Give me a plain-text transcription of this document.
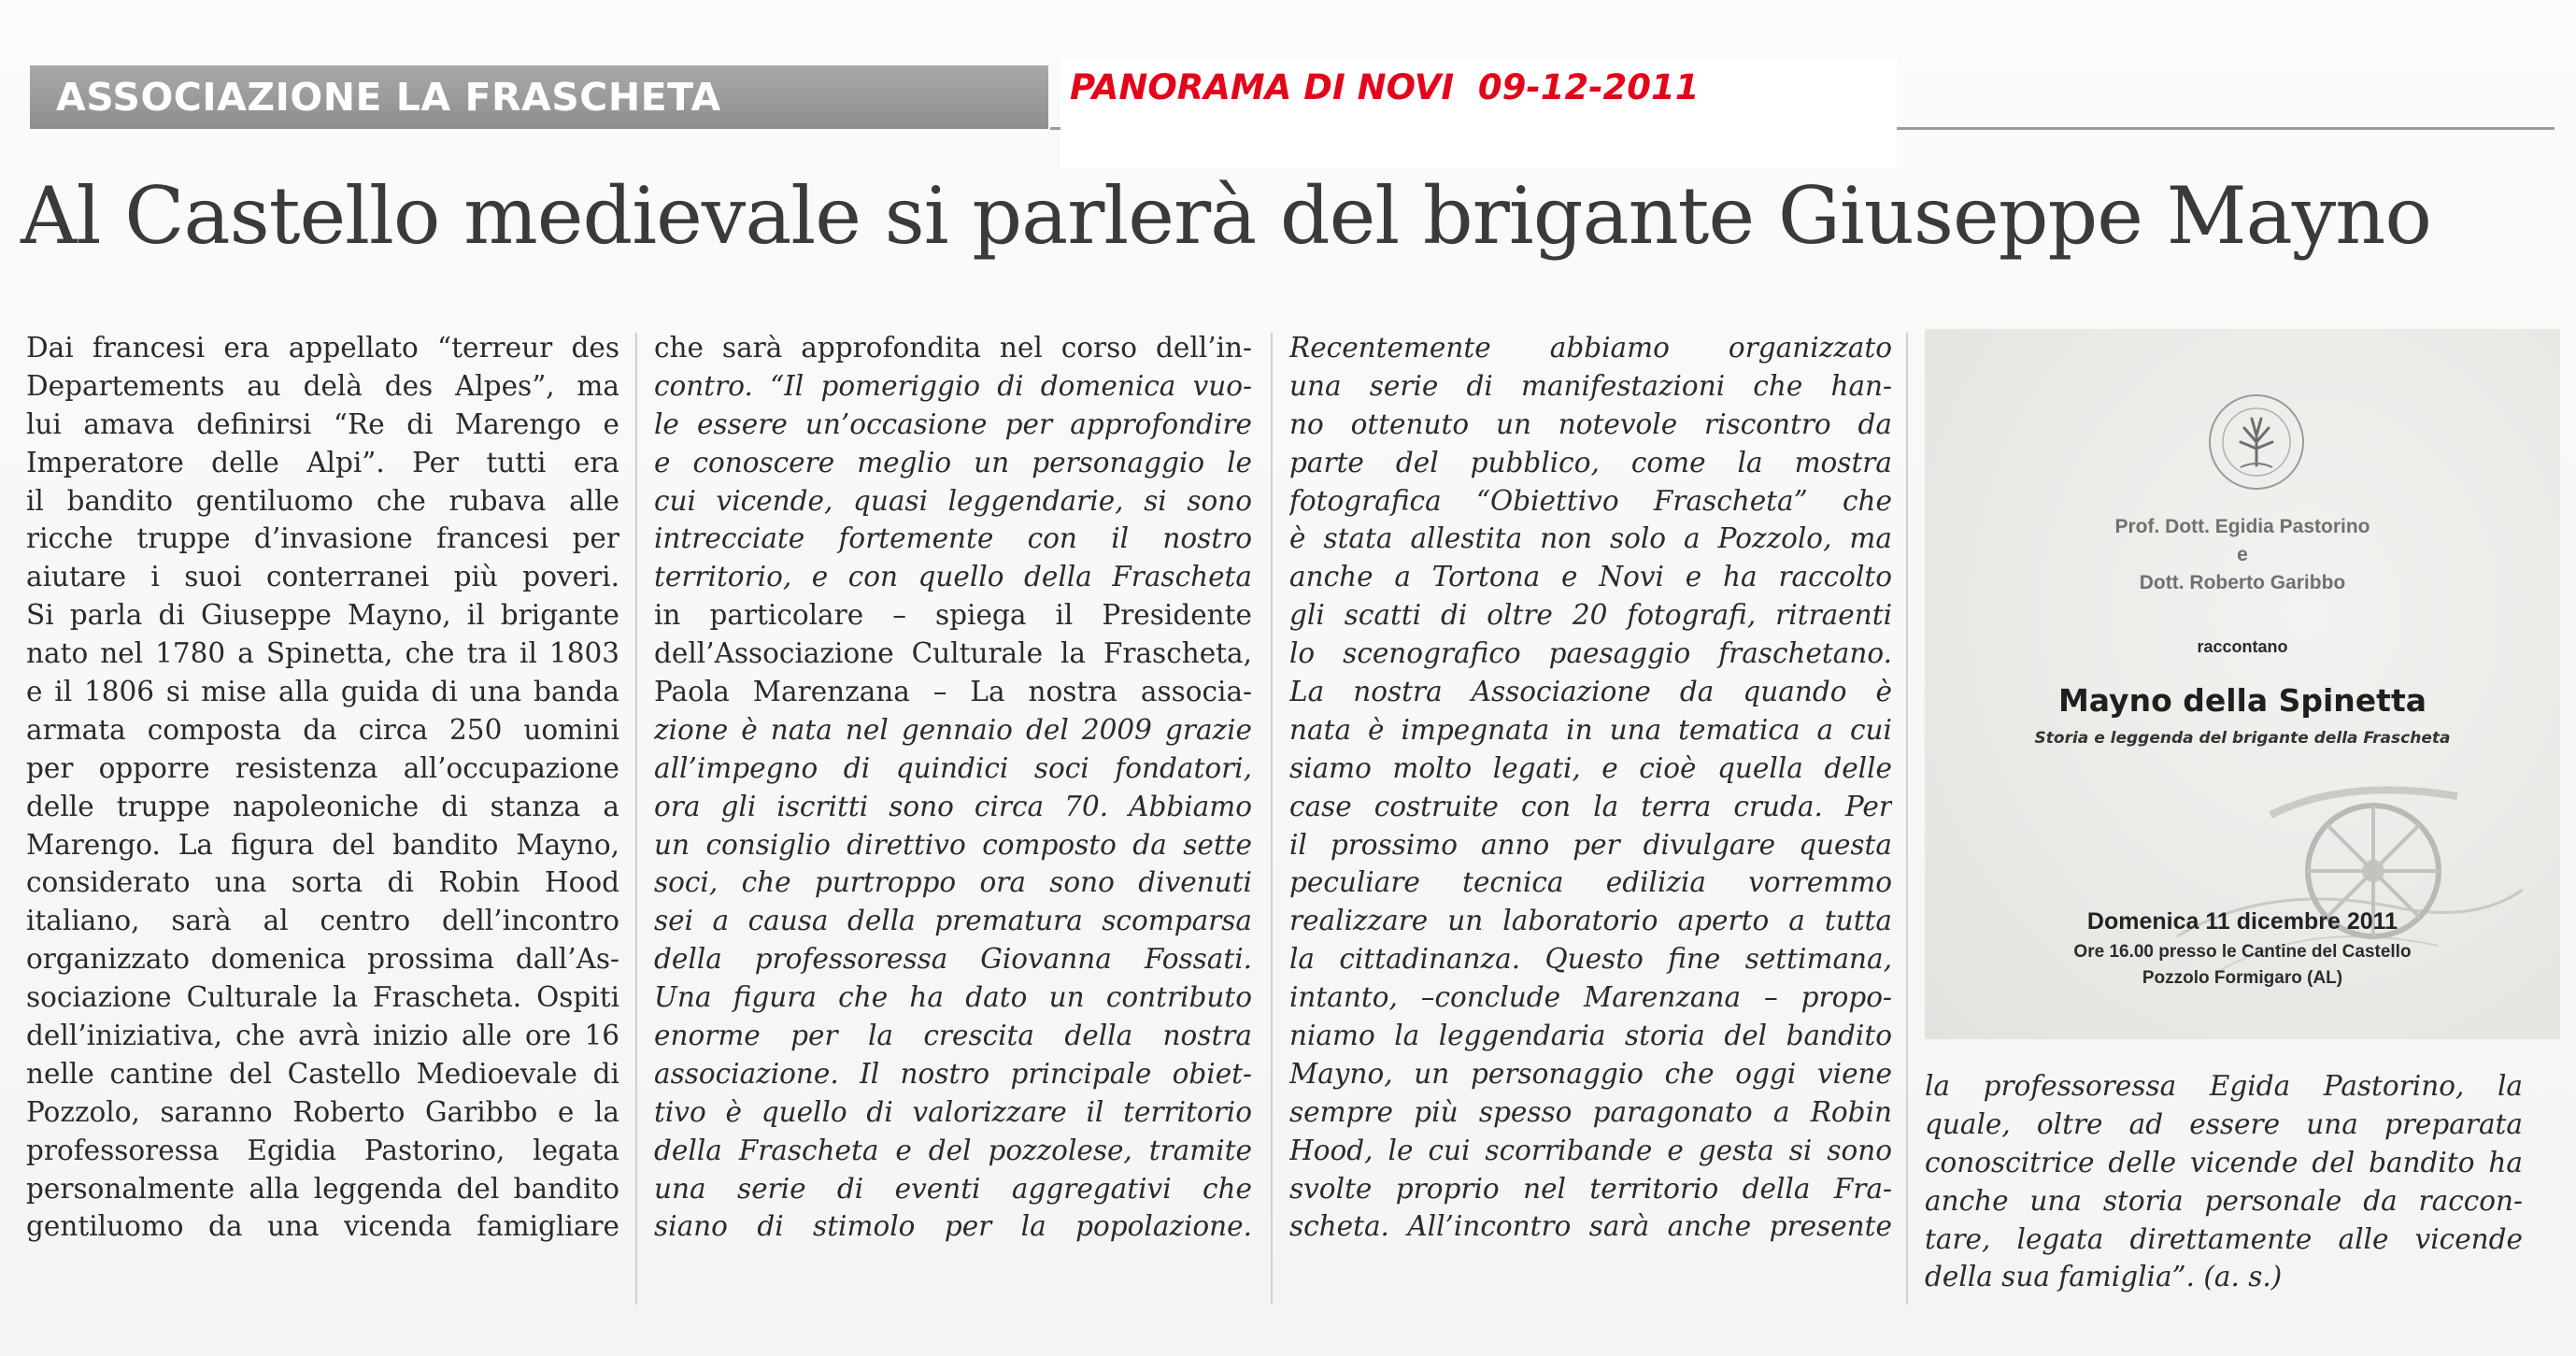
ASSOCIAZIONE LA FRASCHETA	PANORAMA DI NOVI  09-12-2011
Al Castello medievale si parlerà del brigante Giuseppe Mayno
Dai francesi era appellato “terreur des
Departements au delà des Alpes”, ma
lui amava definirsi “Re di Marengo e
Imperatore delle Alpi”. Per tutti era
il bandito gentiluomo che rubava alle
ricche truppe d’invasione francesi per
aiutare i suoi conterranei più poveri.
Si parla di Giuseppe Mayno, il brigante
nato nel 1780 a Spinetta, che tra il 1803
e il 1806 si mise alla guida di una banda
armata composta da circa 250 uomini
per opporre resistenza all’occupazione
delle truppe napoleoniche di stanza a
Marengo. La figura del bandito Mayno,
considerato una sorta di Robin Hood
italiano, sarà al centro dell’incontro
organizzato domenica prossima dall’As-
sociazione Culturale la Frascheta. Ospiti
dell’iniziativa, che avrà inizio alle ore 16
nelle cantine del Castello Medioevale di
Pozzolo, saranno Roberto Garibbo e la
professoressa Egidia Pastorino, legata
personalmente alla leggenda del bandito
gentiluomo da una vicenda famigliare
che sarà approfondita nel corso dell’in-
contro. “Il pomeriggio di domenica vuo-
le essere un’occasione per approfondire
e conoscere meglio un personaggio le
cui vicende, quasi leggendarie, si sono
intrecciate fortemente con il nostro
territorio, e con quello della Frascheta
in particolare – spiega il Presidente
dell’Associazione Culturale la Frascheta,
Paola Marenzana – La nostra associa-
zione è nata nel gennaio del 2009 grazie
all’impegno di quindici soci fondatori,
ora gli iscritti sono circa 70. Abbiamo
un consiglio direttivo composto da sette
soci, che purtroppo ora sono divenuti
sei a causa della prematura scomparsa
della professoressa Giovanna Fossati.
Una figura che ha dato un contributo
enorme per la crescita della nostra
associazione. Il nostro principale obiet-
tivo è quello di valorizzare il territorio
della Frascheta e del pozzolese, tramite
una serie di eventi aggregativi che
siano di stimolo per la popolazione.
Recentemente abbiamo organizzato
una serie di manifestazioni che han-
no ottenuto un notevole riscontro da
parte del pubblico, come la mostra
fotografica “Obiettivo Frascheta” che
è stata allestita non solo a Pozzolo, ma
anche a Tortona e Novi e ha raccolto
gli scatti di oltre 20 fotografi, ritraenti
lo scenografico paesaggio fraschetano.
La nostra Associazione da quando è
nata è impegnata in una tematica a cui
siamo molto legati, e cioè quella delle
case costruite con la terra cruda. Per
il prossimo anno per divulgare questa
peculiare tecnica edilizia vorremmo
realizzare un laboratorio aperto a tutta
la cittadinanza. Questo fine settimana,
intanto, –conclude Marenzana – propo-
niamo la leggendaria storia del bandito
Mayno, un personaggio che oggi viene
sempre più spesso paragonato a Robin
Hood, le cui scorribande e gesta si sono
svolte proprio nel territorio della Fra-
scheta. All’incontro sarà anche presente
Prof. Dott. Egidia Pastorino
e
Dott. Roberto Garibbo
raccontano
Mayno della Spinetta
Storia e leggenda del brigante della Frascheta
Domenica 11 dicembre 2011
Ore 16.00 presso le Cantine del Castello
Pozzolo Formigaro (AL)
la professoressa Egida Pastorino, la
quale, oltre ad essere una preparata
conoscitrice delle vicende del bandito ha
anche una storia personale da raccon-
tare, legata direttamente alle vicende
della sua famiglia”. (a. s.)
